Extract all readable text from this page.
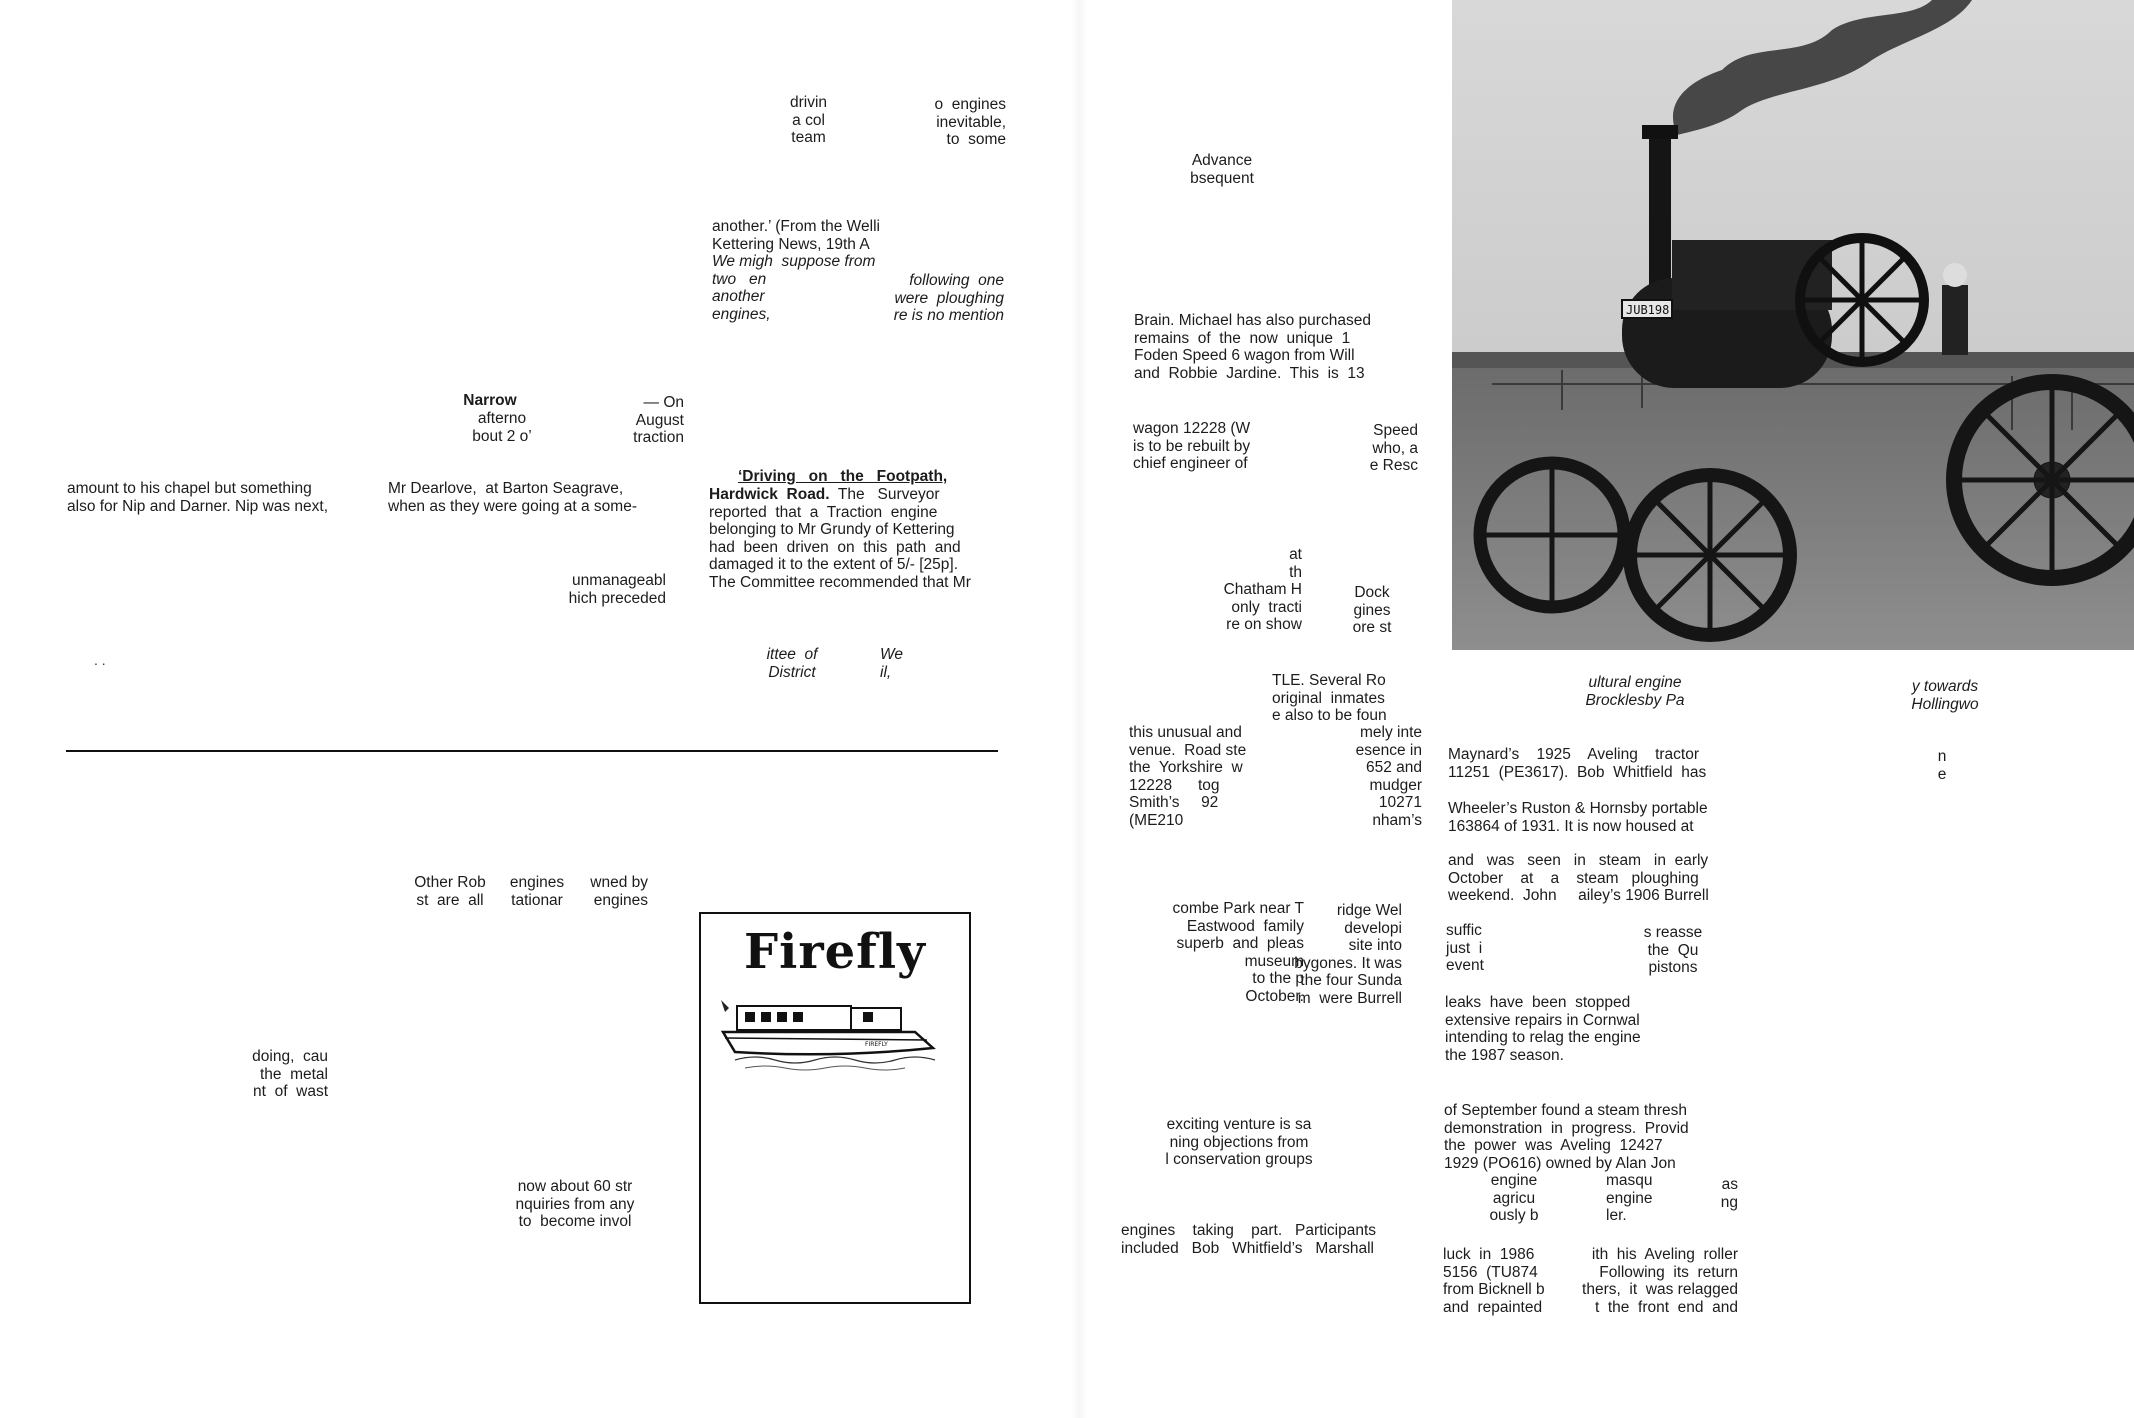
drivin
a col
team
o  engines
inevitable,
to  some
another.’ (From the Welli
Kettering News, 19th A
We migh  suppose from
two   en
another
engines,
following  one
were  ploughing
re is no mention
Narrow
afterno
bout 2 o’
— On
August
traction
amount to his chapel but something
also for Nip and Darner. Nip was next,
Mr Dearlove,  at Barton Seagrave,
when as they were going at a some-
unmanageabl
hich preceded
‘Driving   on   the   Footpath,
Hardwick  Road.  The   Surveyor
reported  that  a  Traction  engine
belonging to Mr Grundy of Kettering
had  been  driven  on  this  path  and
damaged it to the extent of 5/- [25p].
The Committee recommended that Mr
ittee  of
District
We
il,
. .
Other Rob
st  are  all
engines
tationar
wned by
engines
doing,  cau
the  metal
nt  of  wast
now about 60 str
nquiries from any
to  become invol
Firefly
FIREFLY
Advance
bsequent
Brain. Michael has also purchased
remains  of  the  now  unique  1
Foden Speed 6 wagon from Will
and  Robbie  Jardine.  This  is  13
wagon 12228 (W
is to be rebuilt by
chief engineer of
Speed
who, a
e Resc
at
th
Chatham H
only  tracti
re on show
Dock
gines
ore st
TLE. Several Ro
original  inmates
e also to be foun
this unusual and
venue.  Road ste
the  Yorkshire  w
12228      tog
Smith’s     92
(ME210
mely inte
esence in
652 and
mudger
10271
nham’s
combe Park near T
Eastwood  family
superb  and  pleas
museum
to the p
October.
ridge Wel
developi
site into
bygones. It was
the four Sunda
m  were Burrell
exciting venture is sa
ning objections from
l conservation groups
engines    taking    part.   Participants
included   Bob   Whitfield’s   Marshall
JUB198
ultural engine
Brocklesby Pa
y towards
Hollingwo
Maynard’s    1925    Aveling    tractor
11251  (PE3617).  Bob  Whitfield  has
Wheeler’s Ruston & Hornsby portable
163864 of 1931. It is now housed at
and   was   seen   in   steam   in  early
October    at    a    steam   ploughing
weekend.  John     ailey’s 1906 Burrell
suffic
just  i
event
s reasse
the  Qu
pistons
leaks  have  been  stopped
extensive repairs in Cornwal
intending to relag the engine
the 1987 season.
of September found a steam thresh
demonstration  in  progress.  Provid
the  power  was  Aveling  12427
1929 (PO616) owned by Alan Jon
engine
agricu
ously b
masqu
engine
ler.
as
ng
luck  in  1986
5156  (TU874
from Bicknell b
and  repainted
ith  his  Aveling  roller
Following  its  return
thers,  it  was relagged
t  the  front  end  and
n
e
